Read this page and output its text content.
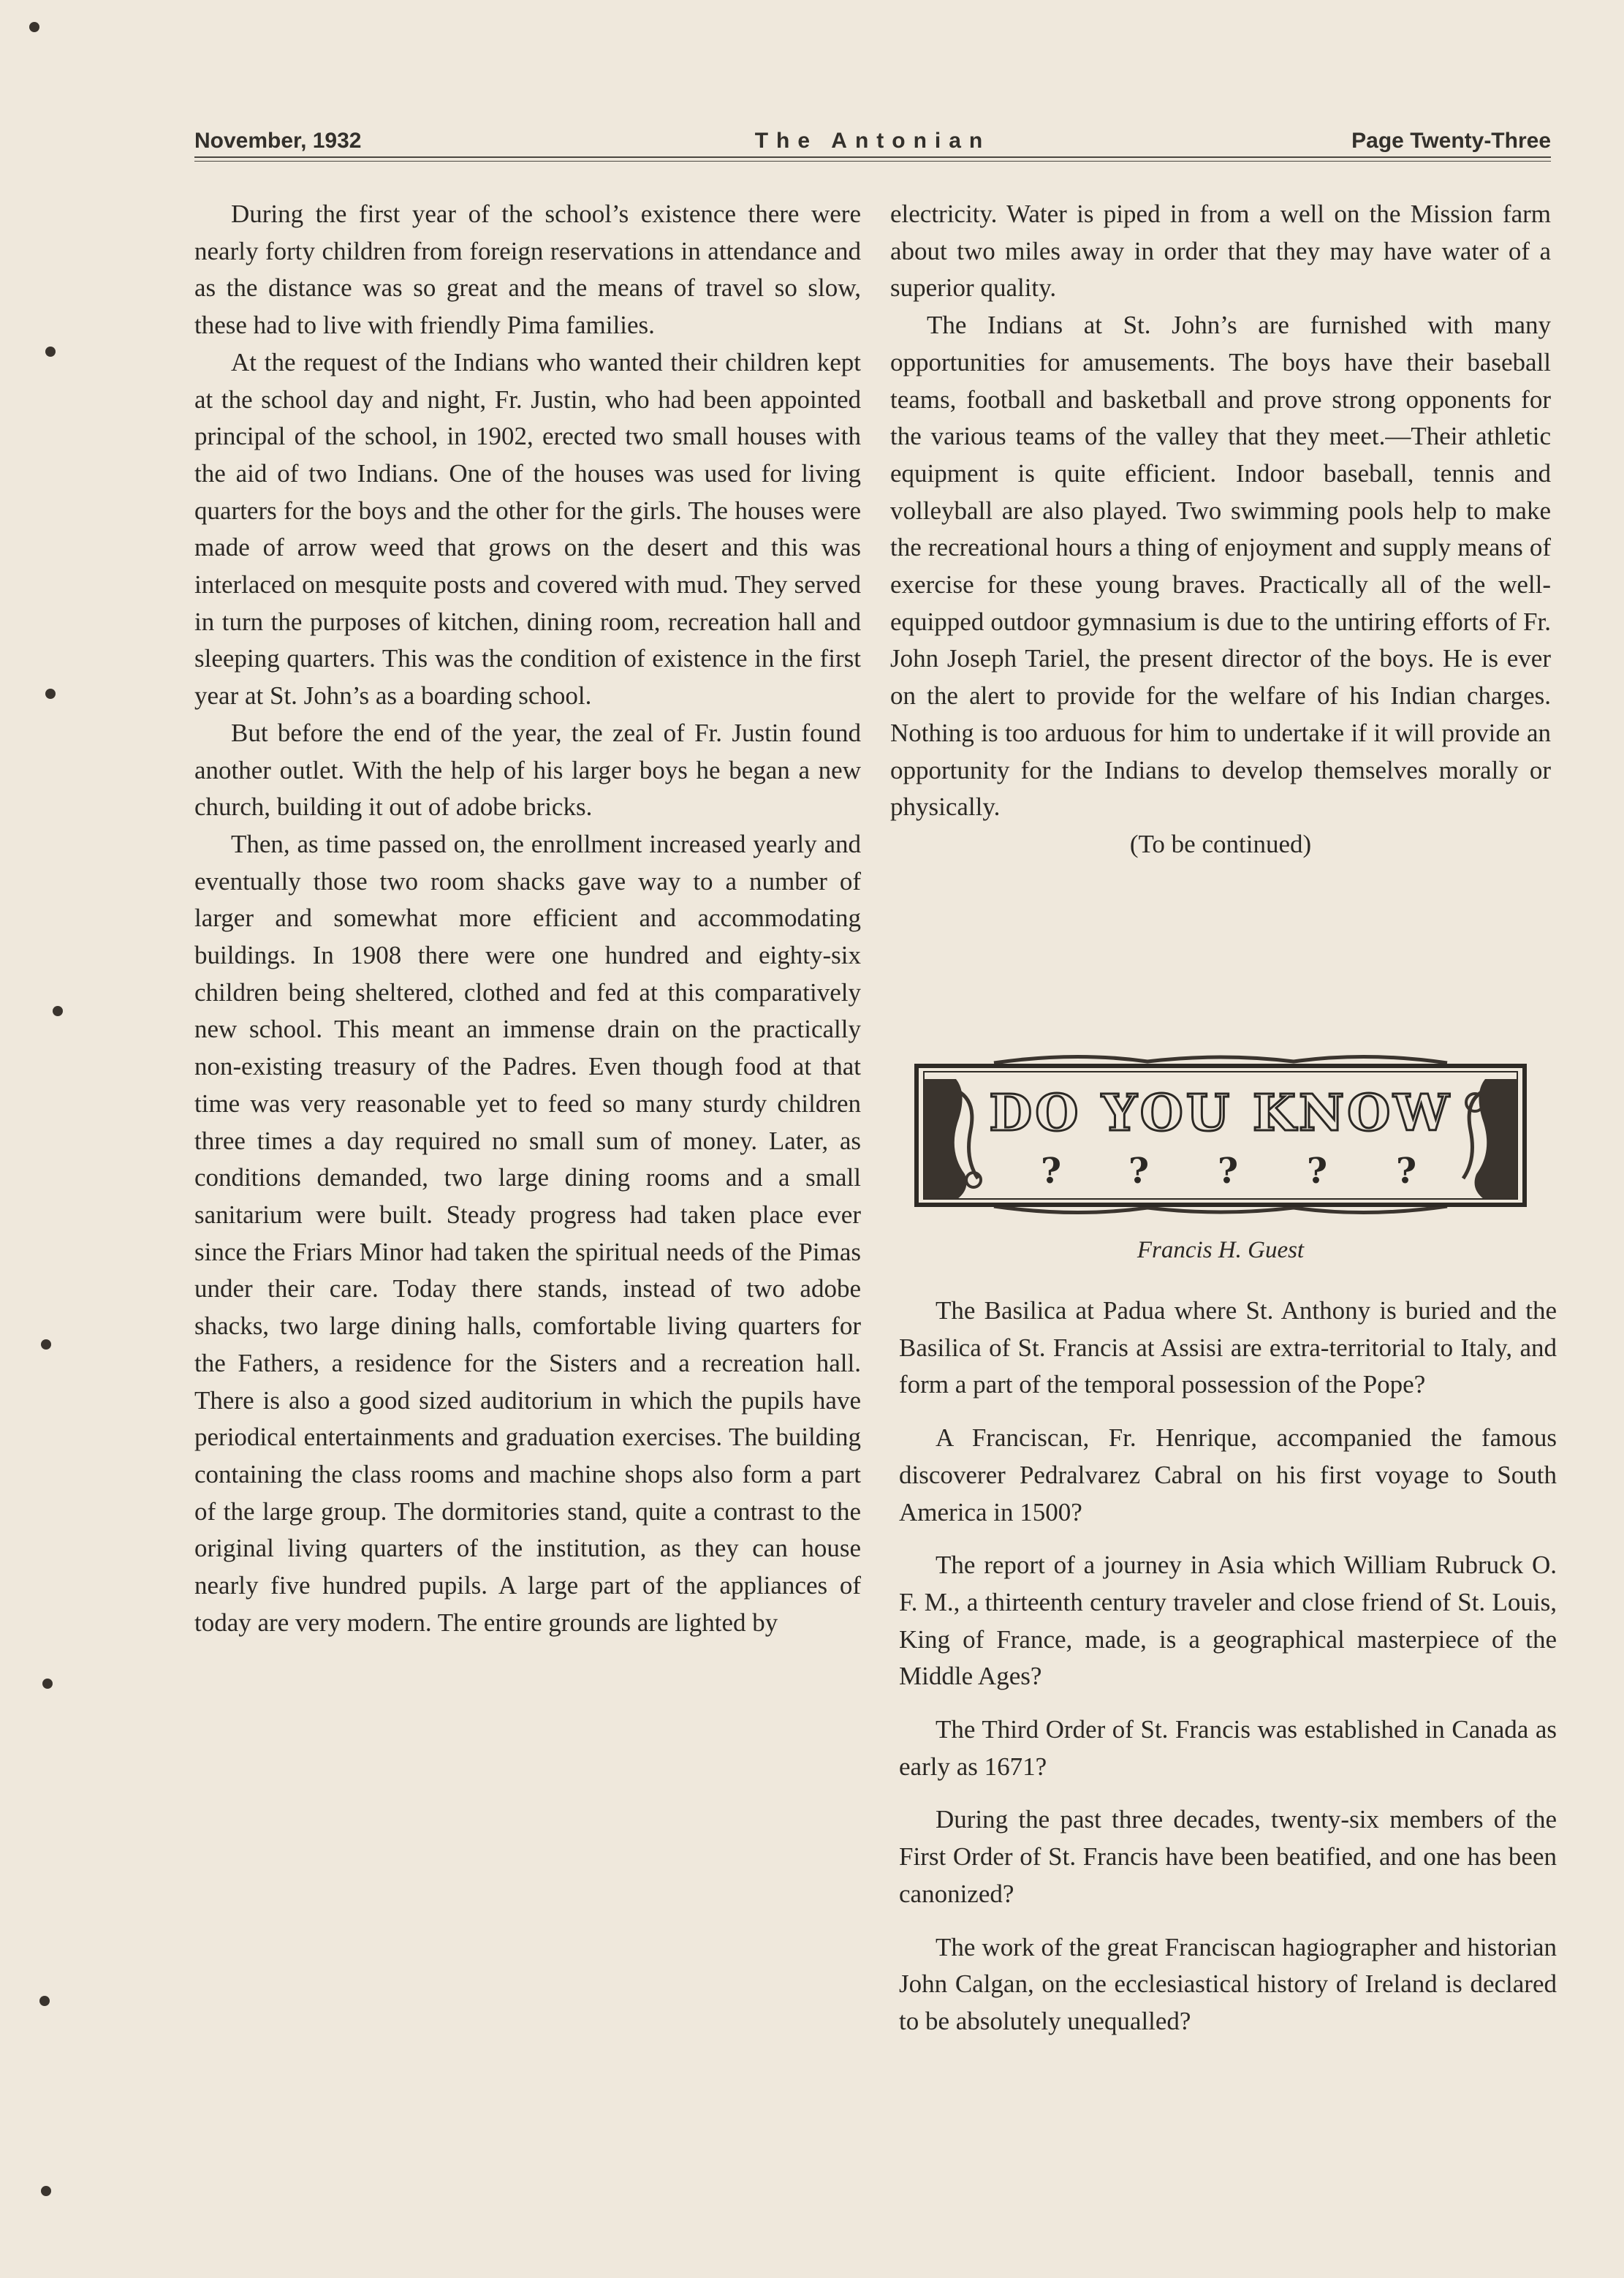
November, 1932	The Antonian	Page Twenty-Three

During the first year of the school’s existence there were nearly forty children from foreign reservations in attendance and as the distance was so great and the means of travel so slow, these had to live with friendly Pima families.

At the request of the Indians who wanted their children kept at the school day and night, Fr. Justin, who had been appointed principal of the school, in 1902, erected two small houses with the aid of two Indians. One of the houses was used for living quarters for the boys and the other for the girls. The houses were made of arrow weed that grows on the desert and this was interlaced on mesquite posts and covered with mud. They served in turn the purposes of kitchen, dining room, recreation hall and sleeping quarters. This was the condition of existence in the first year at St. John’s as a boarding school.

But before the end of the year, the zeal of Fr. Justin found another outlet. With the help of his larger boys he began a new church, building it out of adobe bricks.

Then, as time passed on, the enrollment increased yearly and eventually those two room shacks gave way to a number of larger and somewhat more efficient and accommodating buildings. In 1908 there were one hundred and eighty-six children being sheltered, clothed and fed at this comparatively new school. This meant an immense drain on the practically non-existing treasury of the Padres. Even though food at that time was very reasonable yet to feed so many sturdy children three times a day required no small sum of money. Later, as conditions demanded, two large dining rooms and a small sanitarium were built. Steady progress had taken place ever since the Friars Minor had taken the spiritual needs of the Pimas under their care. Today there stands, instead of two adobe shacks, two large dining halls, comfortable living quarters for the Fathers, a residence for the Sisters and a recreation hall. There is also a good sized auditorium in which the pupils have periodical entertainments and graduation exercises. The building containing the class rooms and machine shops also form a part of the large group. The dormitories stand, quite a contrast to the original living quarters of the institution, as they can house nearly five hundred pupils. A large part of the appliances of today are very modern. The entire grounds are lighted by

electricity. Water is piped in from a well on the Mission farm about two miles away in order that they may have water of a superior quality.

The Indians at St. John’s are furnished with many opportunities for amusements. The boys have their baseball teams, football and basketball and prove strong opponents for the various teams of the valley that they meet.—Their athletic equipment is quite efficient. Indoor baseball, tennis and volleyball are also played. Two swimming pools help to make the recreational hours a thing of enjoyment and supply means of exercise for these young braves. Practically all of the well-equipped outdoor gymnasium is due to the untiring efforts of Fr. John Joseph Tariel, the present director of the boys. He is ever on the alert to provide for the welfare of his Indian charges. Nothing is too arduous for him to undertake if it will provide an opportunity for the Indians to develop themselves morally or physically.

(To be continued)

DO YOU KNOW
? ? ? ? ?
Francis H. Guest

The Basilica at Padua where St. Anthony is buried and the Basilica of St. Francis at Assisi are extra-territorial to Italy, and form a part of the temporal possession of the Pope?

A Franciscan, Fr. Henrique, accompanied the famous discoverer Pedralvarez Cabral on his first voyage to South America in 1500?

The report of a journey in Asia which William Rubruck O. F. M., a thirteenth century traveler and close friend of St. Louis, King of France, made, is a geographical masterpiece of the Middle Ages?

The Third Order of St. Francis was established in Canada as early as 1671?

During the past three decades, twenty-six members of the First Order of St. Francis have been beatified, and one has been canonized?

The work of the great Franciscan hagiographer and historian John Calgan, on the ecclesiastical history of Ireland is declared to be absolutely unequalled?
